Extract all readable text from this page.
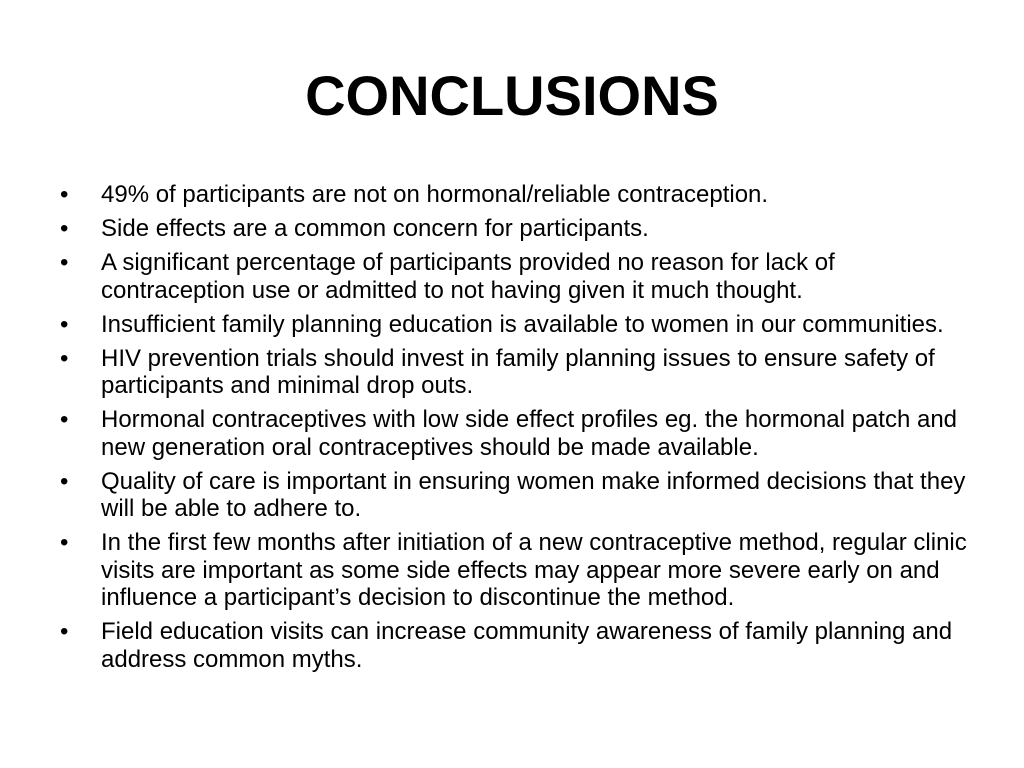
CONCLUSIONS
•	49% of participants are not on hormonal/reliable contraception.
•	Side effects are a common concern for participants.
•	A significant percentage of participants provided no reason for lack of contraception use or admitted to not having given it much thought.
•	Insufficient family planning education is available to women in our communities.
•	HIV prevention trials should invest in family planning issues to ensure safety of participants and minimal drop outs.
•	Hormonal contraceptives with low side effect profiles eg. the hormonal patch and new generation oral contraceptives should be made available.
•	Quality of care is important in ensuring women make informed decisions that they will be able to adhere to.
•	In the first few months after initiation of a new contraceptive method, regular clinic visits are important as some side effects may appear more severe early on and influence a participant’s decision to discontinue the method.
•	Field education visits can increase community awareness of family planning and address common myths.
